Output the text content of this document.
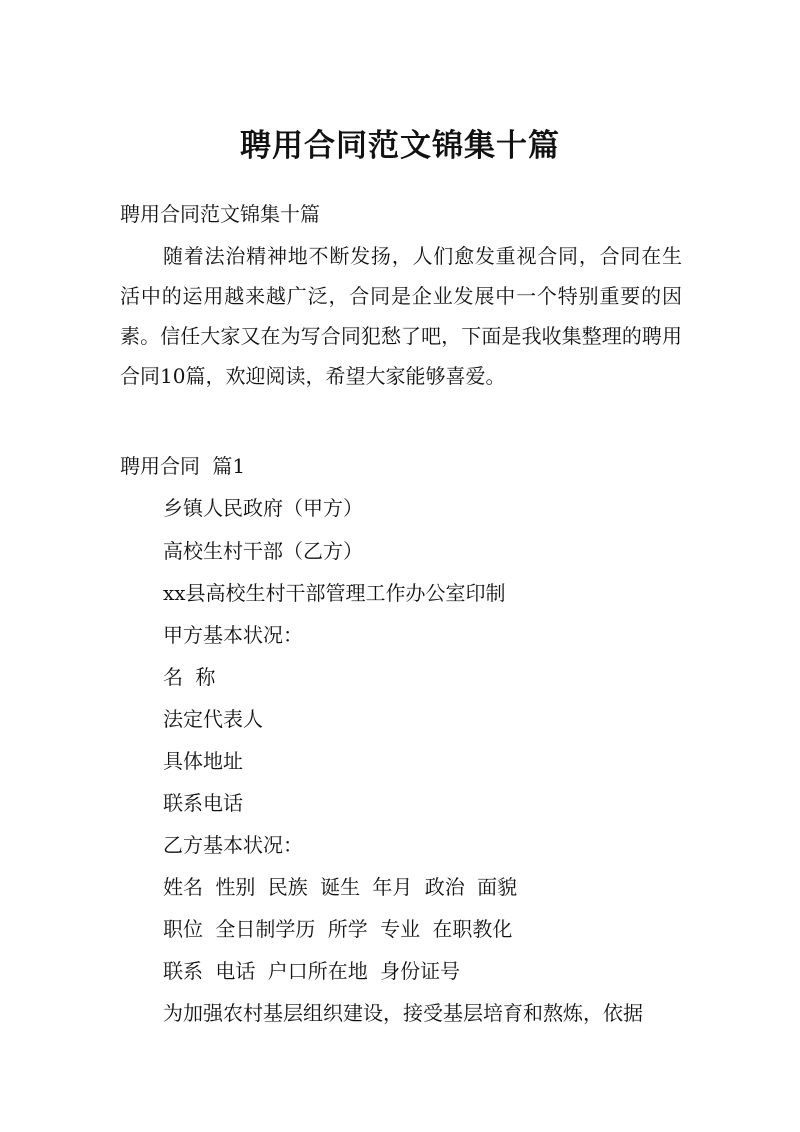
聘用合同范文锦集十篇

聘用合同范文锦集十篇

随着法治精神地不断发扬，人们愈发重视合同，合同在生活中的运用越来越广泛，合同是企业发展中一个特别重要的因素。信任大家又在为写合同犯愁了吧，下面是我收集整理的聘用合同10篇，欢迎阅读，希望大家能够喜爱。

聘用合同 篇1

乡镇人民政府（甲方）

高校生村干部（乙方）

xx县高校生村干部管理工作办公室印制

甲方基本状况：

名 称

法定代表人

具体地址

联系电话

乙方基本状况：

姓名 性别 民族 诞生 年月 政治 面貌

职位 全日制学历 所学 专业 在职教化

联系 电话 户口所在地 身份证号

为加强农村基层组织建设，接受基层培育和熬炼，依据
